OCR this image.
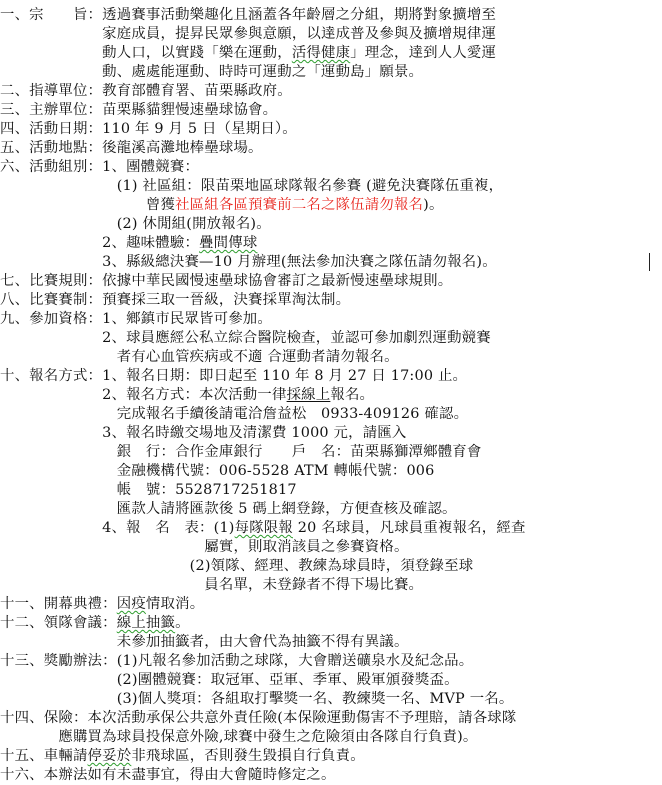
一、宗　　旨：透過賽事活動樂趣化且涵蓋各年齡層之分組，期將對象擴增至
　　　　　　　家庭成員，提昇民眾參與意願，以達成普及參與及擴增規律運
　　　　　　　動人口，以實踐「樂在運動，活得健康」理念，達到人人愛運
　　　　　　　動、處處能運動、時時可運動之「運動島」願景。
二、指導單位：教育部體育署、苗栗縣政府。
三、主辦單位：苗栗縣貓貍慢速壘球協會。
四、活動日期：110 年 9 月 5 日（星期日）。
五、活動地點：後龍溪高灘地棒壘球場。
六、活動組別：1、團體競賽：
　　　　　　　　(1) 社區組：限苗栗地區球隊報名參賽 (避免決賽隊伍重複，
　　　　　　　　　　曾獲社區組各區預賽前二名之隊伍請勿報名)。
　　　　　　　　(2) 休閒組(開放報名)。
　　　　　　　2、趣味體驗：疊間傳球
　　　　　　　3、縣級總決賽—10 月辦理(無法參加決賽之隊伍請勿報名)。
七、比賽規則：依據中華民國慢速壘球協會審訂之最新慢速壘球規則。
八、比賽賽制：預賽採三取一晉級，決賽採單淘汰制。
九、參加資格：1、鄉鎮市民眾皆可參加。
　　　　　　　2、球員應經公私立綜合醫院檢查，並認可參加劇烈運動競賽
　　　　　　　　者有心血管疾病或不適 合運動者請勿報名。
十、報名方式：1、報名日期：即日起至 110 年 8 月 27 日 17:00 止。
　　　　　　　2、報名方式：本次活動一律採線上報名。
　　　　　　　　完成報名手續後請電洽詹益松　0933-409126 確認。
　　　　　　　3、報名時繳交場地及清潔費 1000 元，請匯入
　　　　　　　　銀　行：合作金庫銀行　　戶　名：苗栗縣獅潭鄉體育會
　　　　　　　　金融機構代號：006-5528 ATM 轉帳代號：006
　　　　　　　　帳　號：5528717251817
　　　　　　　　匯款人請將匯款後 5 碼上網登錄，方便查核及確認。
　　　　　　　4、報　名　表：(1)每隊限報 20 名球員，凡球員重複報名，經查
　　　　　　　　　　　　　　屬實，則取消該員之參賽資格。
　　　　　　　　　　　　　(2)領隊、經理、教練為球員時，須登錄至球
　　　　　　　　　　　　　　員名單，未登錄者不得下場比賽。
十一、開幕典禮：因疫情取消。
十二、領隊會議：線上抽籤。
　　　　　　　　未參加抽籤者，由大會代為抽籤不得有異議。
十三、獎勵辦法：(1)凡報名參加活動之球隊，大會贈送礦泉水及紀念品。
　　　　　　　　(2)團體競賽：取冠軍、亞軍、季軍、殿軍頒發獎盃。
　　　　　　　　(3)個人獎項：各組取打擊獎一名、教練獎一名、MVP 一名。
十四、保險：本次活動承保公共意外責任險(本保險運動傷害不予理賠，請各球隊
　　　　應購買為球員投保意外險,球賽中發生之危險須由各隊自行負責)。
十五、車輛請停妥於非飛球區，否則發生毀損自行負責。
十六、本辦法如有未盡事宜，得由大會隨時修定之。
